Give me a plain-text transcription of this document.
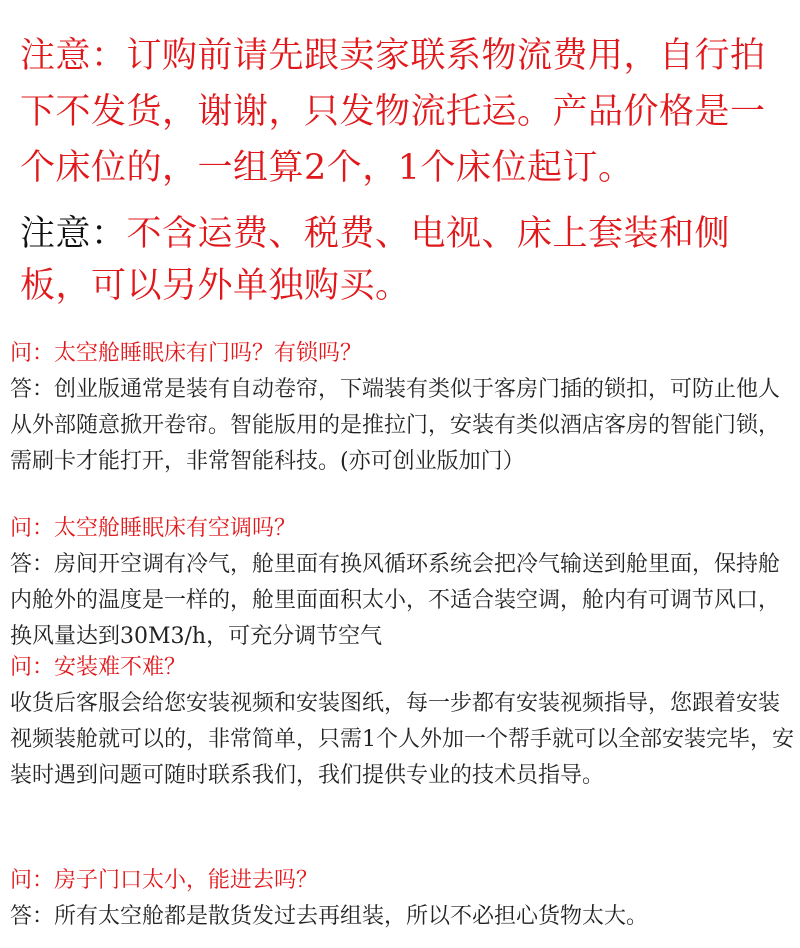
注意：订购前请先跟卖家联系物流费用，自行拍下不发货，谢谢，只发物流托运。产品价格是一个床位的，一组算2个，1个床位起订。
注意：不含运费、税费、电视、床上套装和侧板，可以另外单独购买。
问：太空舱睡眠床有门吗？有锁吗？
答：创业版通常是装有自动卷帘，下端装有类似于客房门插的锁扣，可防止他人从外部随意掀开卷帘。智能版用的是推拉门，安装有类似酒店客房的智能门锁，需刷卡才能打开，非常智能科技。(亦可创业版加门）
问：太空舱睡眠床有空调吗？
答：房间开空调有冷气，舱里面有换风循环系统会把冷气输送到舱里面，保持舱内舱外的温度是一样的，舱里面面积太小，不适合装空调，舱内有可调节风口，换风量达到30M3/h，可充分调节空气
问：安装难不难？
收货后客服会给您安装视频和安装图纸，每一步都有安装视频指导，您跟着安装视频装舱就可以的，非常简单，只需1个人外加一个帮手就可以全部安装完毕，安装时遇到问题可随时联系我们，我们提供专业的技术员指导。
问：房子门口太小，能进去吗？
答：所有太空舱都是散货发过去再组装，所以不必担心货物太大。
